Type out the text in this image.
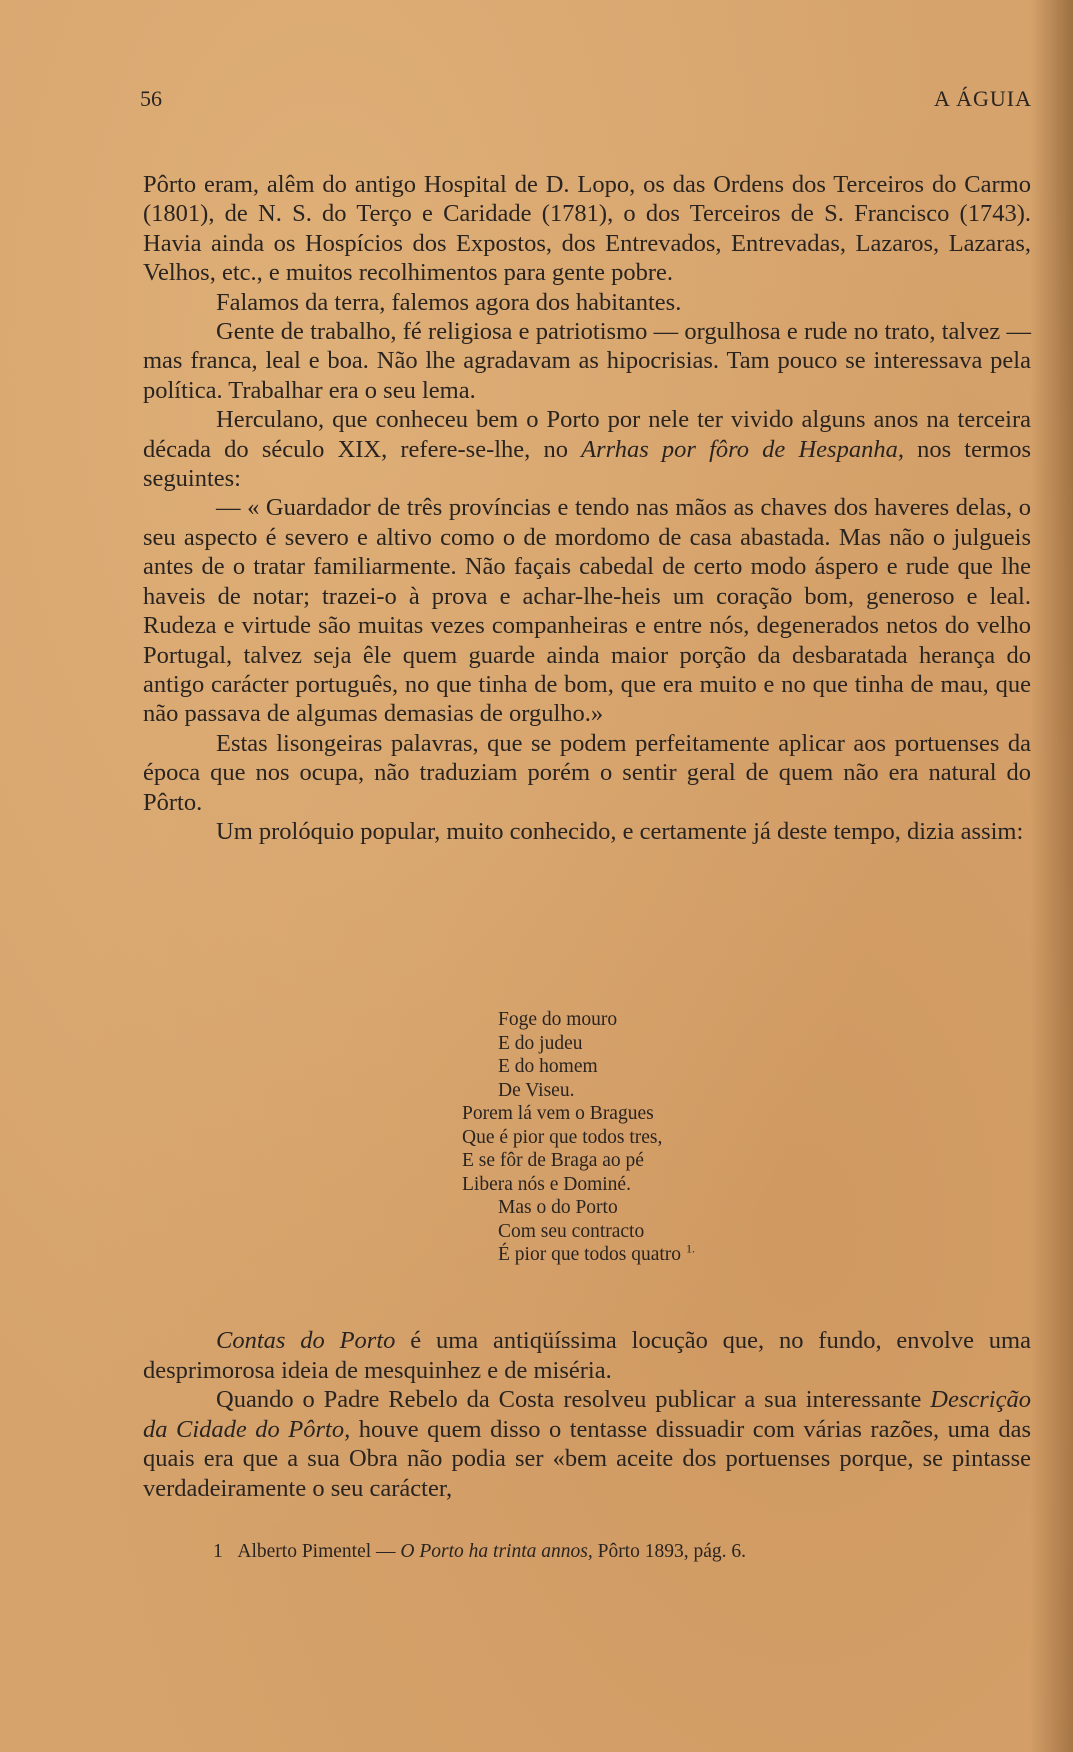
56	A ÁGUIA

Pôrto eram, alêm do antigo Hospital de D. Lopo, os das Ordens dos Terceiros do Carmo (1801), de N. S. do Terço e Caridade (1781), o dos Terceiros de S. Francisco (1743). Havia ainda os Hospícios dos Expostos, dos Entrevados, Entrevadas, Lazaros, Lazaras, Velhos, etc., e muitos recolhimentos para gente pobre.

Falamos da terra, falemos agora dos habitantes.

Gente de trabalho, fé religiosa e patriotismo — orgulhosa e rude no trato, talvez — mas franca, leal e boa. Não lhe agradavam as hipocrisias. Tam pouco se interessava pela política. Trabalhar era o seu lema.

Herculano, que conheceu bem o Porto por nele ter vivido alguns anos na terceira década do século XIX, refere-se-lhe, no Arrhas por fôro de Hespanha, nos termos seguintes:

— « Guardador de três províncias e tendo nas mãos as chaves dos haveres delas, o seu aspecto é severo e altivo como o de mordomo de casa abastada. Mas não o julgueis antes de o tratar familiarmente. Não façais cabedal de certo modo áspero e rude que lhe haveis de notar; trazei-o à prova e achar-lhe-heis um coração bom, generoso e leal. Rudeza e virtude são muitas vezes companheiras e entre nós, degenerados netos do velho Portugal, talvez seja êle quem guarde ainda maior porção da desbaratada herança do antigo carácter português, no que tinha de bom, que era muito e no que tinha de mau, que não passava de algumas demasias de orgulho.»

Estas lisongeiras palavras, que se podem perfeitamente aplicar aos portuenses da época que nos ocupa, não traduziam porém o sentir geral de quem não era natural do Pôrto.

Um prolóquio popular, muito conhecido, e certamente já deste tempo, dizia assim:

Foge do mouro
E do judeu
E do homem
De Viseu.
Porem lá vem o Bragues
Que é pior que todos tres,
E se fôr de Braga ao pé
Libera nós e Dominé.
Mas o do Porto
Com seu contracto
É pior que todos quatro $^{1.}$

Contas do Porto é uma antiqüíssima locução que, no fundo, envolve uma desprimorosa ideia de mesquinhez e de miséria.

Quando o Padre Rebelo da Costa resolveu publicar a sua interessante Descrição da Cidade do Pôrto, houve quem disso o tentasse dissuadir com várias razões, uma das quais era que a sua Obra não podia ser «bem aceite dos portuenses porque, se pintasse verdadeiramente o seu carácter,

1 Alberto Pimentel — O Porto ha trinta annos, Pôrto 1893, pág. 6.
